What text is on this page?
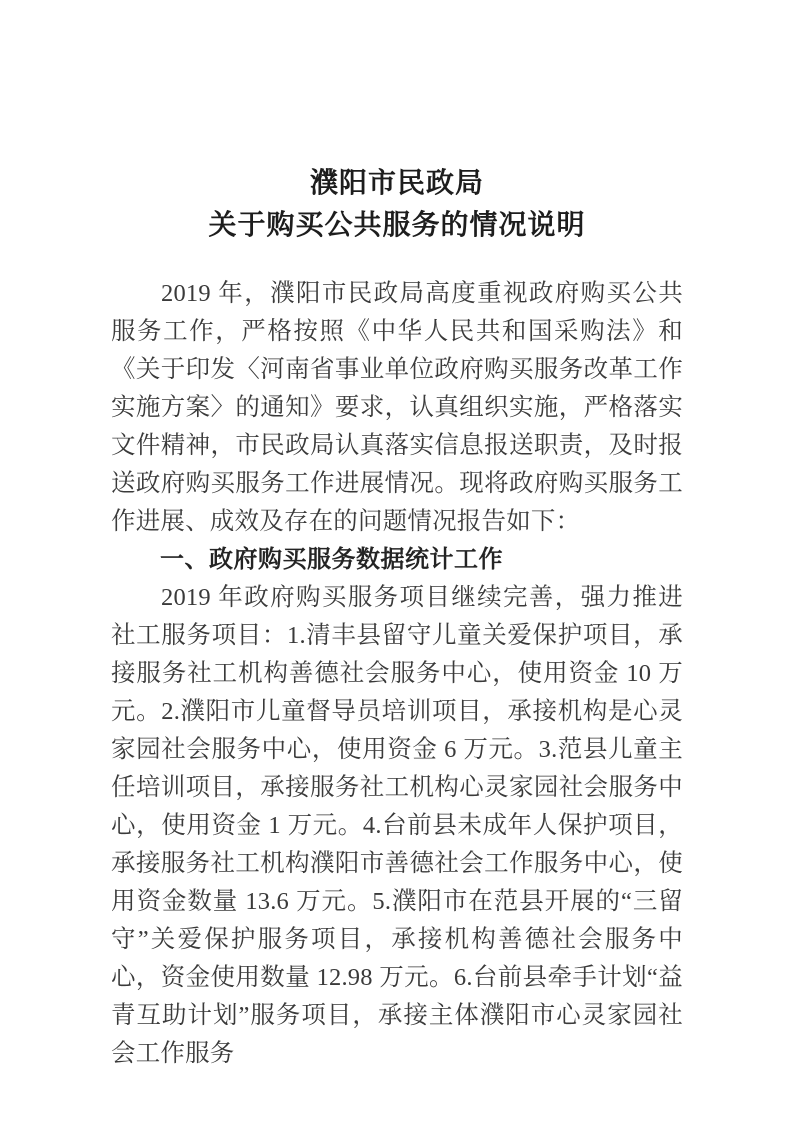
濮阳市民政局
关于购买公共服务的情况说明

2019 年，濮阳市民政局高度重视政府购买公共服务工作，严格按照《中华人民共和国采购法》和《关于印发〈河南省事业单位政府购买服务改革工作实施方案〉的通知》要求，认真组织实施，严格落实文件精神，市民政局认真落实信息报送职责，及时报送政府购买服务工作进展情况。现将政府购买服务工作进展、成效及存在的问题情况报告如下：

一、政府购买服务数据统计工作

2019 年政府购买服务项目继续完善，强力推进社工服务项目：1.清丰县留守儿童关爱保护项目，承接服务社工机构善德社会服务中心，使用资金 10 万元。2.濮阳市儿童督导员培训项目，承接机构是心灵家园社会服务中心，使用资金 6 万元。3.范县儿童主任培训项目，承接服务社工机构心灵家园社会服务中心，使用资金 1 万元。4.台前县未成年人保护项目，承接服务社工机构濮阳市善德社会工作服务中心，使用资金数量 13.6 万元。5.濮阳市在范县开展的“三留守”关爱保护服务项目，承接机构善德社会服务中心，资金使用数量 12.98 万元。6.台前县牵手计划“益青互助计划”服务项目，承接主体濮阳市心灵家园社会工作服务
